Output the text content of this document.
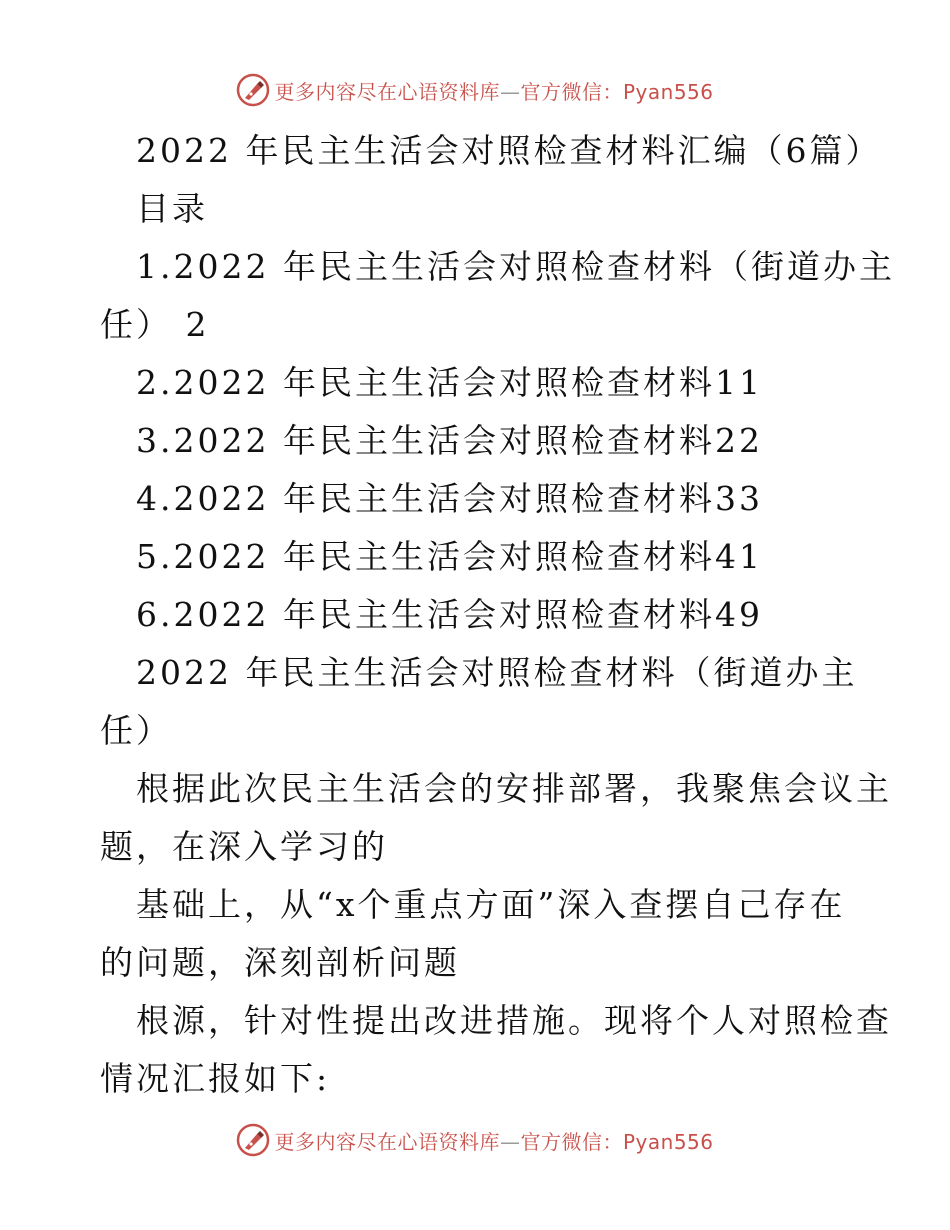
更多内容尽在心语资料库—官方微信：Pyan556
2022 年民主生活会对照检查材料汇编（6篇）
目录
1.2022 年民主生活会对照检查材料（街道办主
任） 2
2.2022 年民主生活会对照检查材料11
3.2022 年民主生活会对照检查材料22
4.2022 年民主生活会对照检查材料33
5.2022 年民主生活会对照检查材料41
6.2022 年民主生活会对照检查材料49
2022 年民主生活会对照检查材料（街道办主
任）
根据此次民主生活会的安排部署，我聚焦会议主
题，在深入学习的
基础上，从“x个重点方面”深入查摆自己存在
的问题，深刻剖析问题
根源，针对性提出改进措施。现将个人对照检查
情况汇报如下:
更多内容尽在心语资料库—官方微信：Pyan556
